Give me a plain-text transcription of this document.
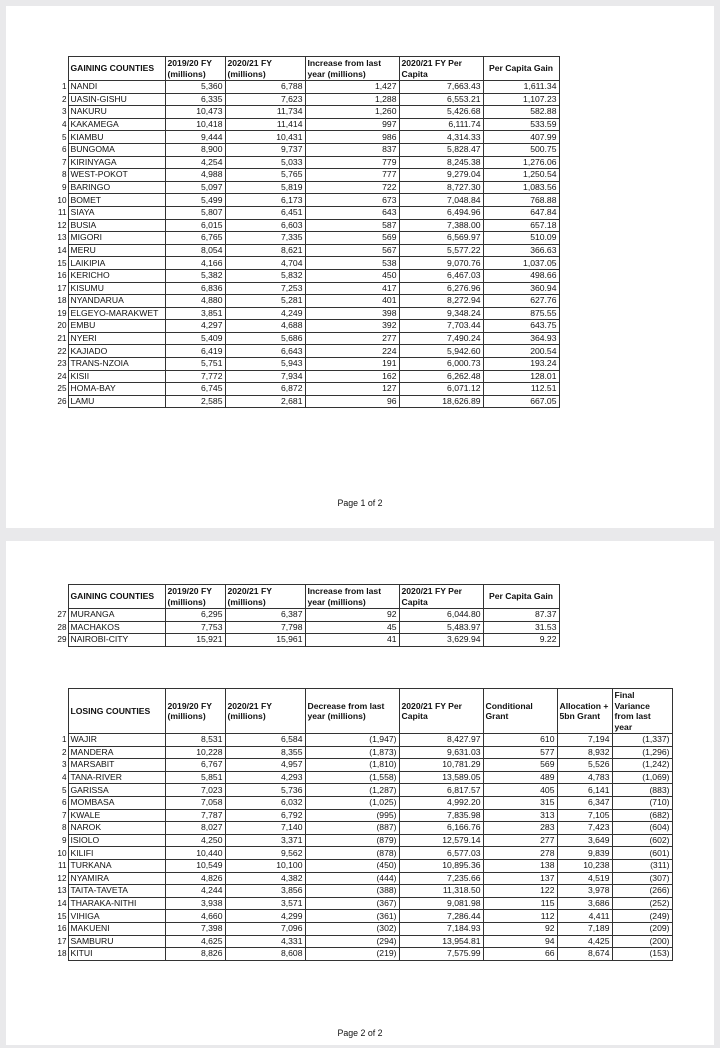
	GAINING COUNTIES	2019/20 FY (millions)	2020/21 FY (millions)	Increase from last year (millions)	2020/21 FY Per Capita	Per Capita Gain
1	NANDI	5,360	6,788	1,427	7,663.43	1,611.34
2	UASIN-GISHU	6,335	7,623	1,288	6,553.21	1,107.23
3	NAKURU	10,473	11,734	1,260	5,426.68	582.88
4	KAKAMEGA	10,418	11,414	997	6,111.74	533.59
5	KIAMBU	9,444	10,431	986	4,314.33	407.99
6	BUNGOMA	8,900	9,737	837	5,828.47	500.75
7	KIRINYAGA	4,254	5,033	779	8,245.38	1,276.06
8	WEST-POKOT	4,988	5,765	777	9,279.04	1,250.54
9	BARINGO	5,097	5,819	722	8,727.30	1,083.56
10	BOMET	5,499	6,173	673	7,048.84	768.88
11	SIAYA	5,807	6,451	643	6,494.96	647.84
12	BUSIA	6,015	6,603	587	7,388.00	657.18
13	MIGORI	6,765	7,335	569	6,569.97	510.09
14	MERU	8,054	8,621	567	5,577.22	366.63
15	LAIKIPIA	4,166	4,704	538	9,070.76	1,037.05
16	KERICHO	5,382	5,832	450	6,467.03	498.66
17	KISUMU	6,836	7,253	417	6,276.96	360.94
18	NYANDARUA	4,880	5,281	401	8,272.94	627.76
19	ELGEYO-MARAKWET	3,851	4,249	398	9,348.24	875.55
20	EMBU	4,297	4,688	392	7,703.44	643.75
21	NYERI	5,409	5,686	277	7,490.24	364.93
22	KAJIADO	6,419	6,643	224	5,942.60	200.54
23	TRANS-NZOIA	5,751	5,943	191	6,000.73	193.24
24	KISII	7,772	7,934	162	6,262.48	128.01
25	HOMA-BAY	6,745	6,872	127	6,071.12	112.51
26	LAMU	2,585	2,681	96	18,626.89	667.05
Page 1 of 2
	GAINING COUNTIES	2019/20 FY (millions)	2020/21 FY (millions)	Increase from last year (millions)	2020/21 FY Per Capita	Per Capita Gain
27	MURANGA	6,295	6,387	92	6,044.80	87.37
28	MACHAKOS	7,753	7,798	45	5,483.97	31.53
29	NAIROBI-CITY	15,921	15,961	41	3,629.94	9.22
	LOSING COUNTIES	2019/20 FY (millions)	2020/21 FY (millions)	Decrease from last year (millions)	2020/21 FY Per Capita	Conditional Grant	Allocation + 5bn Grant	Final Variance from last year
1	WAJIR	8,531	6,584	(1,947)	8,427.97	610	7,194	(1,337)
2	MANDERA	10,228	8,355	(1,873)	9,631.03	577	8,932	(1,296)
3	MARSABIT	6,767	4,957	(1,810)	10,781.29	569	5,526	(1,242)
4	TANA-RIVER	5,851	4,293	(1,558)	13,589.05	489	4,783	(1,069)
5	GARISSA	7,023	5,736	(1,287)	6,817.57	405	6,141	(883)
6	MOMBASA	7,058	6,032	(1,025)	4,992.20	315	6,347	(710)
7	KWALE	7,787	6,792	(995)	7,835.98	313	7,105	(682)
8	NAROK	8,027	7,140	(887)	6,166.76	283	7,423	(604)
9	ISIOLO	4,250	3,371	(879)	12,579.14	277	3,649	(602)
10	KILIFI	10,440	9,562	(878)	6,577.03	278	9,839	(601)
11	TURKANA	10,549	10,100	(450)	10,895.36	138	10,238	(311)
12	NYAMIRA	4,826	4,382	(444)	7,235.66	137	4,519	(307)
13	TAITA-TAVETA	4,244	3,856	(388)	11,318.50	122	3,978	(266)
14	THARAKA-NITHI	3,938	3,571	(367)	9,081.98	115	3,686	(252)
15	VIHIGA	4,660	4,299	(361)	7,286.44	112	4,411	(249)
16	MAKUENI	7,398	7,096	(302)	7,184.93	92	7,189	(209)
17	SAMBURU	4,625	4,331	(294)	13,954.81	94	4,425	(200)
18	KITUI	8,826	8,608	(219)	7,575.99	66	8,674	(153)
Page 2 of 2
